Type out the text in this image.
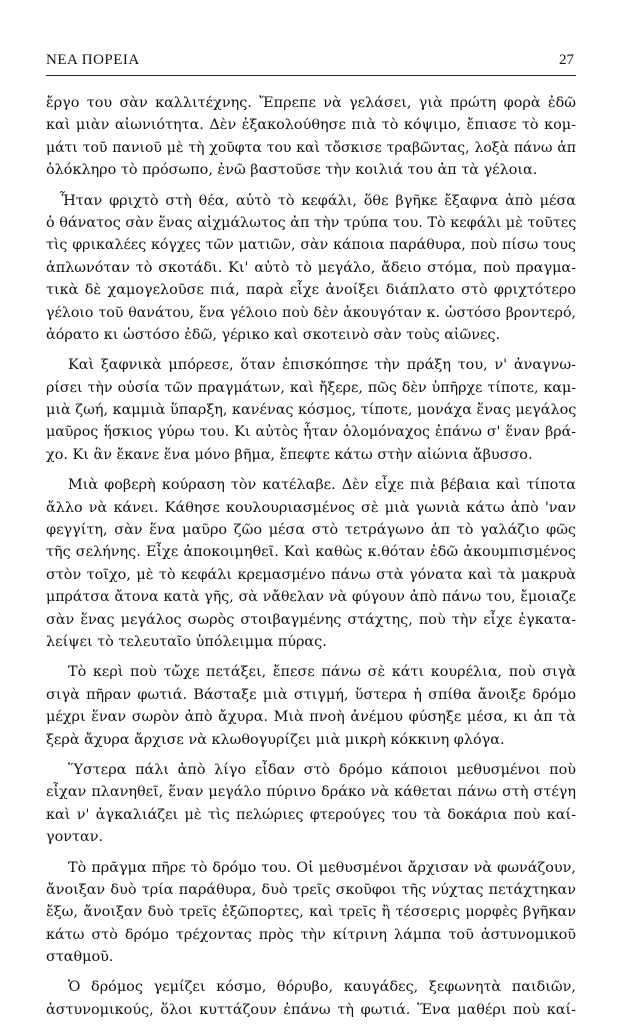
ΝΕΑ ΠΟΡΕΙΑ	27
ἔργο του σὰν καλλιτέχνης. Ἔπρεπε νὰ γελάσει, γιὰ πρώτη φορὰ ἐδῶ
καὶ μιὰν αἰωνιότητα. Δὲν ἐξακολούθησε πιὰ τὸ κόψιμο, ἔπιασε τὸ κομ-
μάτι τοῦ πανιοῦ μὲ τὴ χοῦφτα του καὶ τὄσκισε τραβῶντας, λοξὰ πάνω ἀπ
ὁλόκληρο τὸ πρόσωπο, ἐνῶ βαστοῦσε τὴν κοιλιά του ἀπ τὰ γέλοια.
Ἦταν φριχτὸ στὴ θέα, αὐτὸ τὸ κεφάλι, ὅθε βγῆκε ἔξαφνα ἀπὸ μέσα
ὁ θάνατος σὰν ἕνας αἰχμάλωτος ἀπ τὴν τρύπα του. Τὸ κεφάλι μὲ τοῦτες
τὶς φρικαλέες κόγχες τῶν ματιῶν, σὰν κάποια παράθυρα, ποὺ πίσω τους
ἁπλωνόταν τὸ σκοτάδι. Κι' αὐτὸ τὸ μεγάλο, ἄδειο στόμα, ποὺ πραγμα-
τικὰ δὲ χαμογελοῦσε πιά, παρὰ εἶχε ἀνοίξει διάπλατο στὸ φριχτότερο
γέλοιο τοῦ θανάτου, ἕνα γέλοιο ποὺ δὲν ἀκουγόταν κ. ὡστόσο βροντερό,
ἀόρατο κι ὡστόσο ἐδῶ, γέρικο καὶ σκοτεινὸ σὰν τοὺς αἰῶνες.
Καὶ ξαφνικὰ μπόρεσε, ὅταν ἐπισκόπησε τὴν πράξη του, ν' ἀναγνω-
ρίσει τὴν οὐσία τῶν πραγμάτων, καὶ ἤξερε, πῶς δὲν ὑπῆρχε τίποτε, καμ-
μιὰ ζωή, καμμιὰ ὕπαρξη, κανένας κόσμος, τίποτε, μονάχα ἕνας μεγάλος
μαῦρος ἥσκιος γύρω του. Κι αὐτὸς ἦταν ὁλομόναχος ἐπάνω σ' ἕναν βρά-
χο. Κι ἂν ἔκανε ἕνα μόνο βῆμα, ἔπεφτε κάτω στὴν αἰώνια ἄβυσσο.
Μιὰ φοβερὴ κούραση τὸν κατέλαβε. Δὲν εἶχε πιὰ βέβαια καὶ τίποτα
ἄλλο νὰ κάνει. Κάθησε κουλουριασμένος σὲ μιὰ γωνιὰ κάτω ἀπὸ 'ναν
φεγγίτη, σὰν ἕνα μαῦρο ζῶο μέσα στὸ τετράγωνο ἀπ τὸ γαλάζιο φῶς
τῆς σελήνης. Εἶχε ἀποκοιμηθεῖ. Καὶ καθὼς κ.θόταν ἐδῶ ἀκουμπισμένος
στὸν τοῖχο, μὲ τὸ κεφάλι κρεμασμένο πάνω στὰ γόνατα καὶ τὰ μακρυὰ
μπράτσα ἄτονα κατὰ γῆς, σὰ νἄθελαν νὰ φύγουν ἀπὸ πάνω του, ἔμοιαζε
σὰν ἕνας μεγάλος σωρὸς στοιβαγμένης στάχτης, ποὺ τὴν εἶχε ἐγκατα-
λείψει τὸ τελευταῖο ὑπόλειμμα πύρας.
Τὸ κερὶ ποὺ τὤχε πετάξει, ἔπεσε πάνω σὲ κάτι κουρέλια, ποὺ σιγὰ
σιγὰ πῆραν φωτιά. Βάσταξε μιὰ στιγμή, ὕστερα ἡ σπίθα ἄνοιξε δρόμο
μέχρι ἕναν σωρὸν ἀπὸ ἄχυρα. Μιὰ πνοὴ ἀνέμου φύσηξε μέσα, κι ἀπ τὰ
ξερὰ ἄχυρα ἄρχισε νὰ κλωθογυρίζει μιὰ μικρὴ κόκκινη φλόγα.
Ὕστερα πάλι ἀπὸ λίγο εἶδαν στὸ δρόμο κάποιοι μεθυσμένοι ποὺ
εἶχαν πλανηθεῖ, ἕναν μεγάλο πύρινο δράκο νὰ κάθεται πάνω στὴ στέγη
καὶ ν' ἀγκαλιάζει μὲ τὶς πελώριες φτερούγες του τὰ δοκάρια ποὺ καί-
γονταν.
Τὸ πρᾶγμα πῆρε τὸ δρόμο του. Οἱ μεθυσμένοι ἄρχισαν νὰ φωνάζουν,
ἄνοιξαν δυὸ τρία παράθυρα, δυὸ τρεῖς σκοῦφοι τῆς νύχτας πετάχτηκαν
ἔξω, ἄνοιξαν δυὸ τρεῖς ἐξῶπορτες, καὶ τρεῖς ἢ τέσσερις μορφὲς βγῆκαν
κάτω στὸ δρόμο τρέχοντας πρὸς τὴν κίτρινη λάμπα τοῦ ἀστυνομικοῦ
σταθμοῦ.
Ὁ δρόμος γεμίζει κόσμο, θόρυβο, καυγάδες, ξεφωνητὰ παιδιῶν,
ἀστυνομικούς, ὅλοι κυττάζουν ἐπάνω τὴ φωτιά. Ἕνα μαθέρι ποὺ καί-
